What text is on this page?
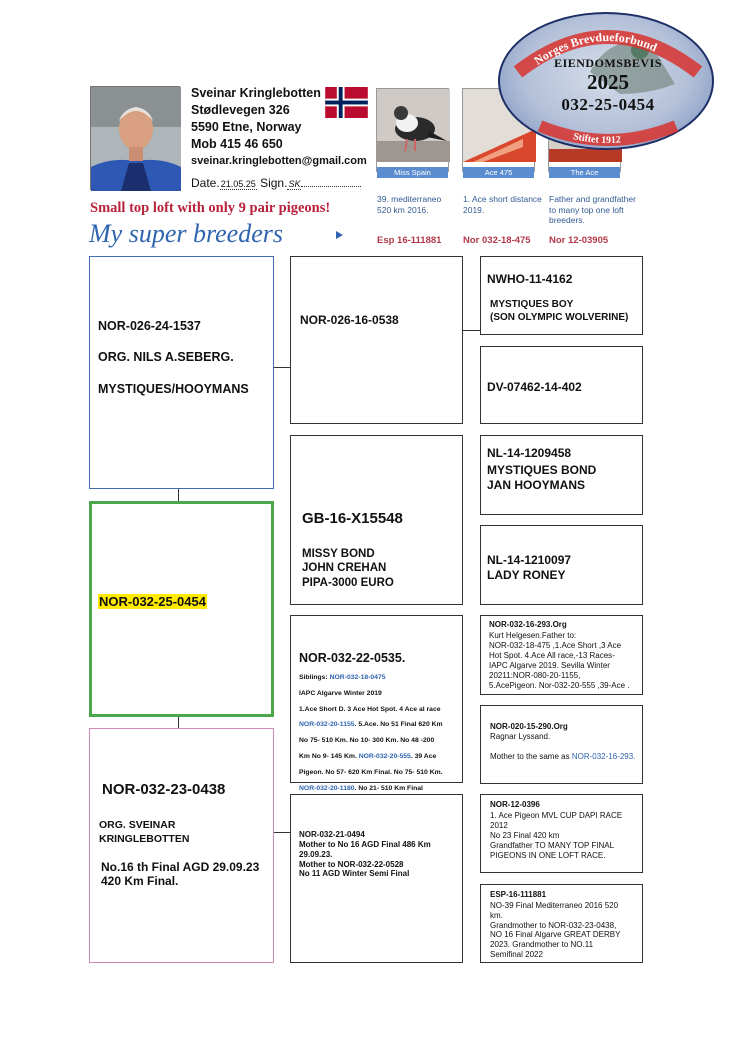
Sveinar Kringlebotten
Stødlevegen 326
5590 Etne, Norway
Mob 415 46 650
sveinar.kringlebotten@gmail.com
Date.21.05.25 Sign.SK
Miss Spain	Ace 475	The Ace
39. mediterraneo 520 km 2016.
1. Ace short distance 2019.
Father and grandfather to many top one loft breeders.
Esp 16-111881 Nor 032-18-475 Nor 12-03905
Small top loft with only 9 pair pigeons!
My super breeders
Norges Brevdueforbund
Stiftet 1912
EIENDOMSBEVIS
2025
032-25-0454
NOR-026-24-1537
ORG. NILS A.SEBERG.
MYSTIQUES/HOOYMANS
NOR-032-25-0454
NOR-032-23-0438
ORG. SVEINAR
KRINGLEBOTTEN
No.16 th Final AGD 29.09.23
420 Km Final.
NOR-026-16-0538
GB-16-X15548
MISSY BOND
JOHN CREHAN
PIPA-3000 EURO
NOR-032-22-0535.
Siblings: NOR-032-18-0475
IAPC Algarve Winter 2019
1.Ace Short D. 3 Ace Hot Spot. 4 Ace al race
NOR-032-20-1155. 5.Ace. No 51 Final 620 Km
No 75- 510 Km. No 10- 300 Km. No 48 -200
Km No 9- 145 Km. NOR-032-20-555. 39 Ace
Pigeon. No 57- 620 Km Final. No 75- 510 Km.
NOR-032-20-1180. No 21- 510 Km Final
NOR-032-21-0494
Mother to No 16 AGD Final 486 Km
29.09.23.
Mother to NOR-032-22-0528
No 11 AGD Winter Semi Final
NWHO-11-4162
MYSTIQUES BOY
(SON OLYMPIC WOLVERINE)
DV-07462-14-402
NL-14-1209458
MYSTIQUES BOND
JAN HOOYMANS
NL-14-1210097
LADY RONEY
NOR-032-16-293.Org
Kurt Helgesen.Father to:
NOR-032-18-475 ,1.Ace Short ,3 Ace
Hot Spot. 4.Ace All race,-13 Races-
IAPC Algarve 2019. Sevilla Winter
20211:NOR-080-20-1155,
5.AcePigeon. Nor-032-20-555 ,39-Ace .
NOR-020-15-290.Org
Ragnar Lyssand.
Mother to the same as NOR-032-16-293.
NOR-12-0396
1. Ace Pigeon MVL CUP DAPI RACE
2012
No 23 Final 420 km
Grandfather TO MANY TOP FINAL
PIGEONS IN ONE LOFT RACE.
ESP-16-111881
NO-39 Final Mediterraneo 2016 520
km.
Grandmother to NOR-032-23-0438,
NO 16 Final Algarve GREAT DERBY
2023. Grandmother to NO.11
Semifinal 2022
